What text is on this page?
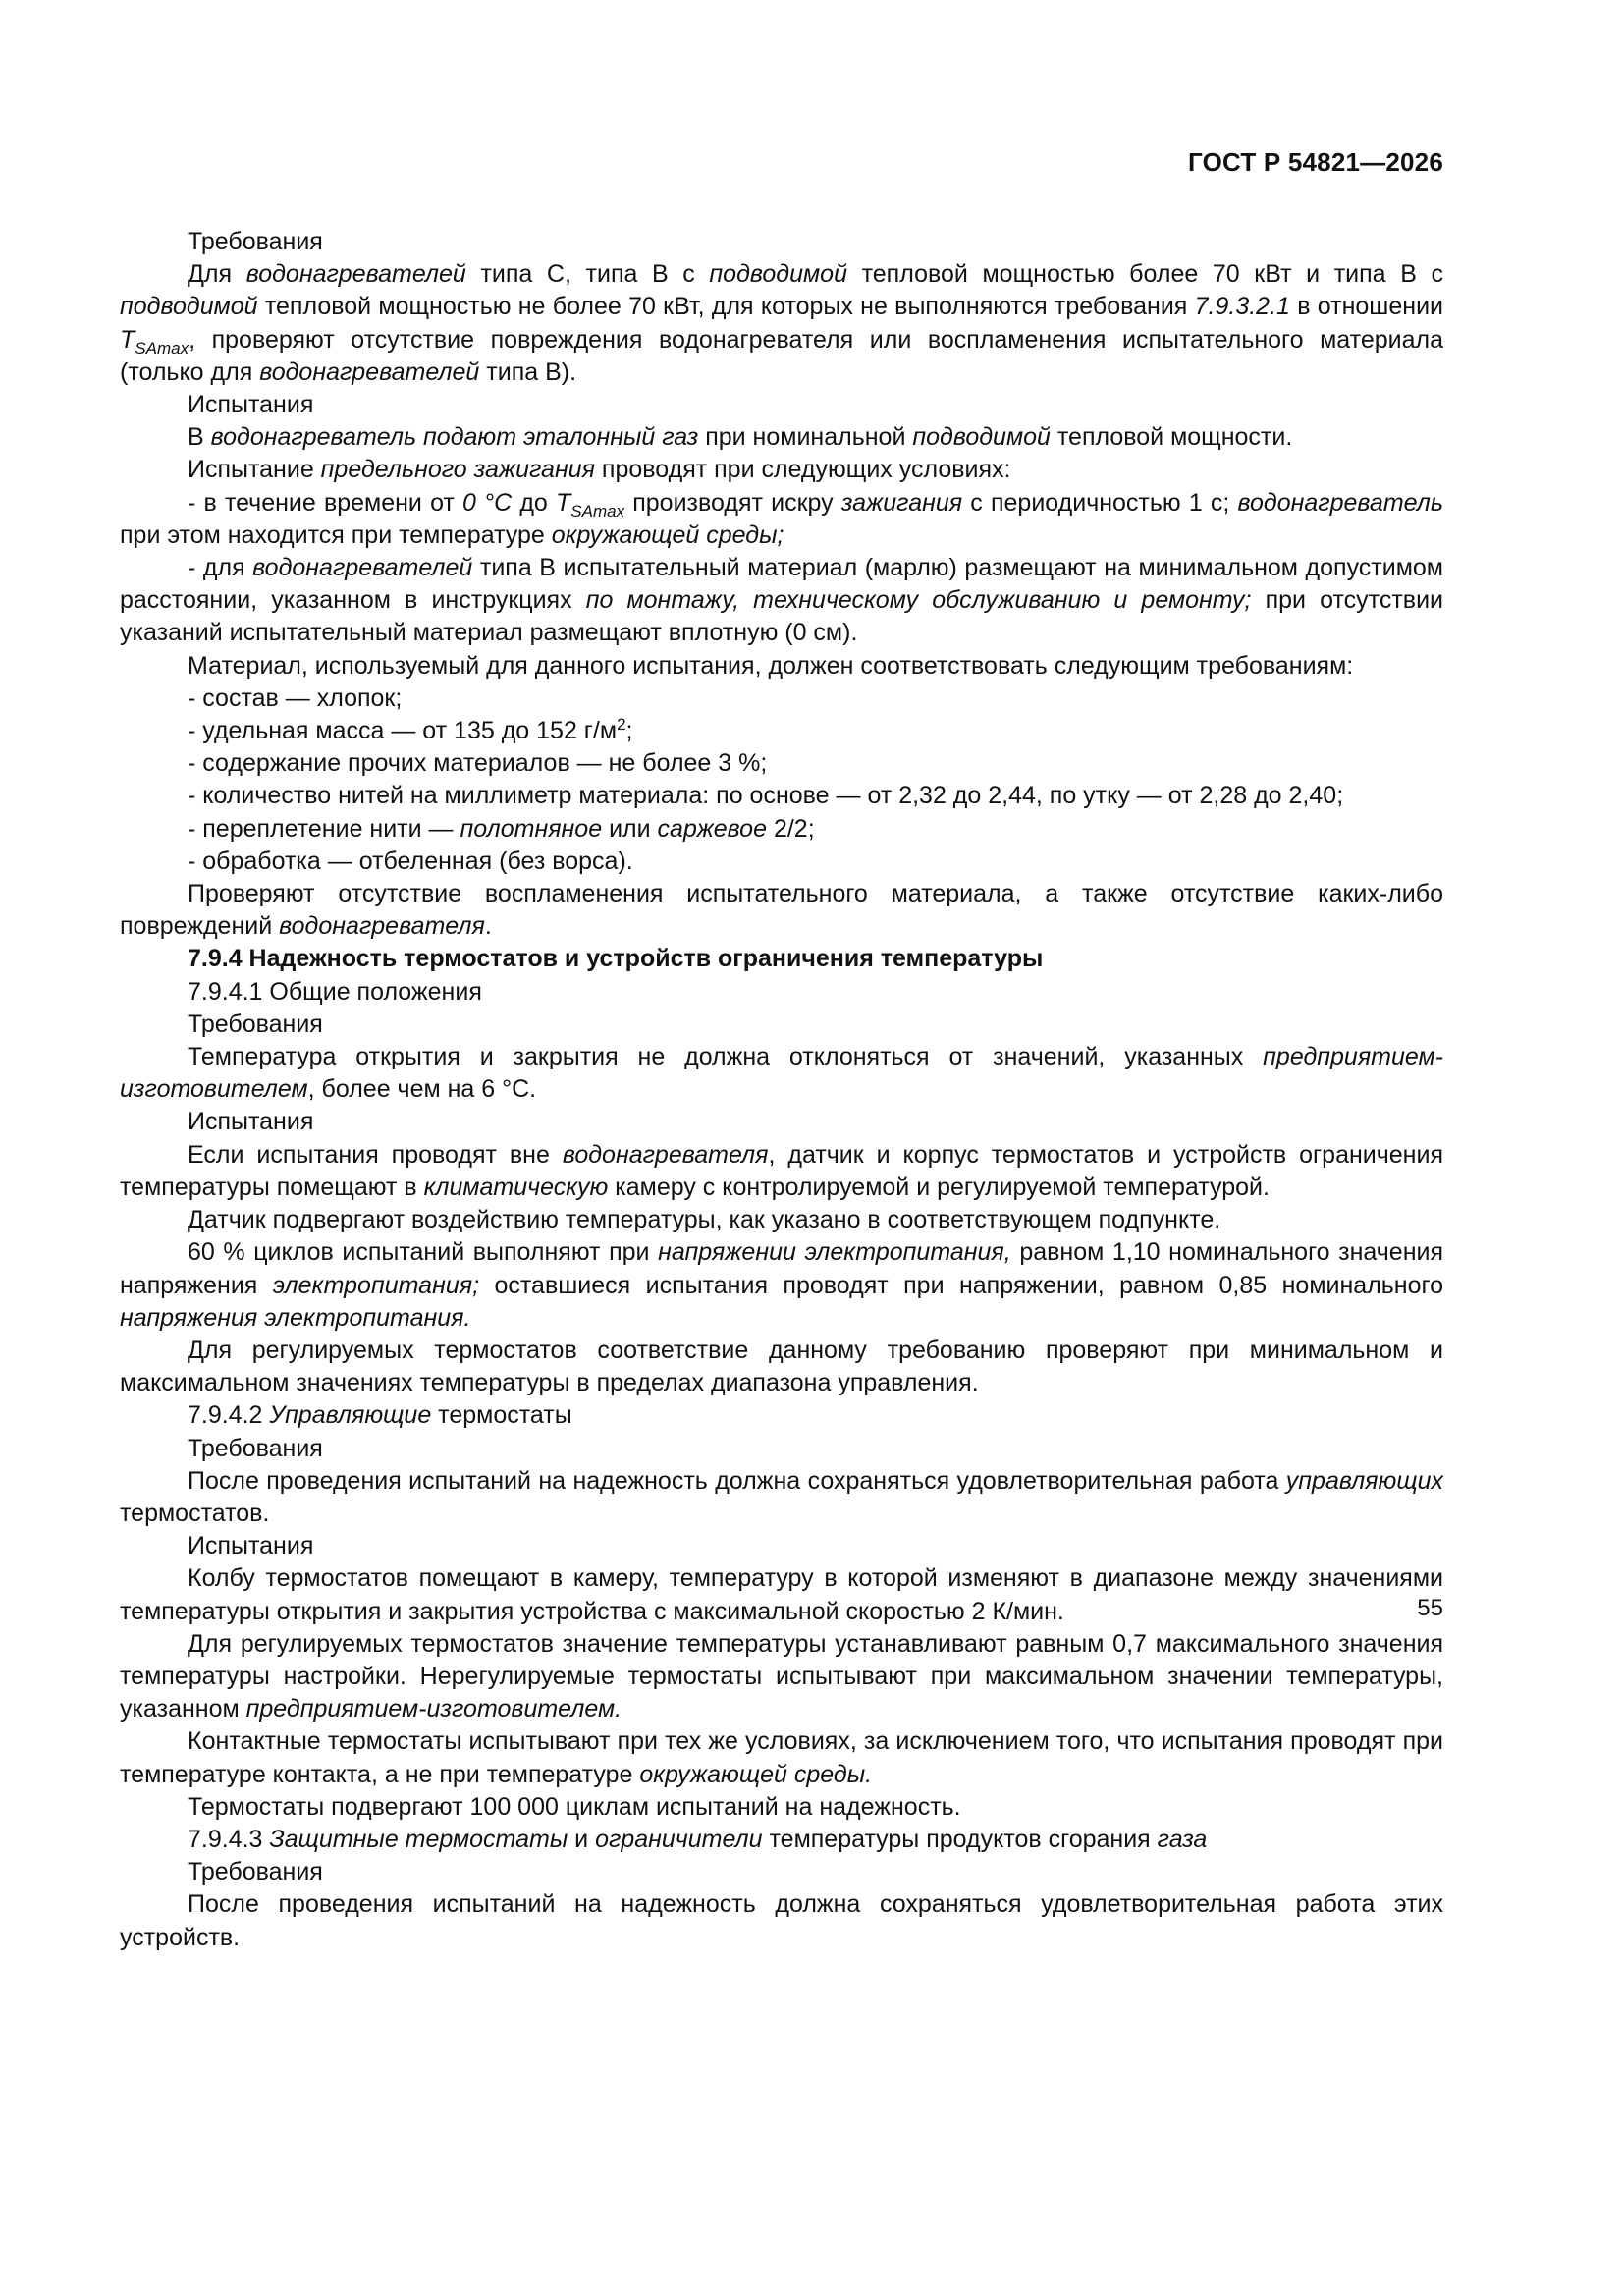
ГОСТ Р 54821—2026
Требования
Для водонагревателей типа С, типа В с подводимой тепловой мощностью более 70 кВт и типа В с подводимой тепловой мощностью не более 70 кВт, для которых не выполняются требования 7.9.3.2.1 в отношении $T_{SAmax}$, проверяют отсутствие повреждения водонагревателя или воспламенения испытательного материала (только для водонагревателей типа В).
Испытания
В водонагреватель подают эталонный газ при номинальной подводимой тепловой мощности.
Испытание предельного зажигания проводят при следующих условиях:
- в течение времени от 0 °С до $T_{SAmax}$ производят искру зажигания с периодичностью 1 с; водонагреватель при этом находится при температуре окружающей среды;
- для водонагревателей типа В испытательный материал (марлю) размещают на минимальном допустимом расстоянии, указанном в инструкциях по монтажу, техническому обслуживанию и ремонту; при отсутствии указаний испытательный материал размещают вплотную (0 см).
Материал, используемый для данного испытания, должен соответствовать следующим требованиям:
- состав — хлопок;
- удельная масса — от 135 до 152 $г/м^2$;
- содержание прочих материалов — не более 3 %;
- количество нитей на миллиметр материала: по основе — от 2,32 до 2,44, по утку — от 2,28 до 2,40;
- переплетение нити — полотняное или саржевое 2/2;
- обработка — отбеленная (без ворса).
Проверяют отсутствие воспламенения испытательного материала, а также отсутствие каких-либо повреждений водонагревателя.
7.9.4 Надежность термостатов и устройств ограничения температуры
7.9.4.1 Общие положения
Требования
Температура открытия и закрытия не должна отклоняться от значений, указанных предприятием-изготовителем, более чем на 6 °С.
Испытания
Если испытания проводят вне водонагревателя, датчик и корпус термостатов и устройств ограничения температуры помещают в климатическую камеру с контролируемой и регулируемой температурой.
Датчик подвергают воздействию температуры, как указано в соответствующем подпункте.
60 % циклов испытаний выполняют при напряжении электропитания, равном 1,10 номинального значения напряжения электропитания; оставшиеся испытания проводят при напряжении, равном 0,85 номинального напряжения электропитания.
Для регулируемых термостатов соответствие данному требованию проверяют при минимальном и максимальном значениях температуры в пределах диапазона управления.
7.9.4.2 Управляющие термостаты
Требования
После проведения испытаний на надежность должна сохраняться удовлетворительная работа управляющих термостатов.
Испытания
Колбу термостатов помещают в камеру, температуру в которой изменяют в диапазоне между значениями температуры открытия и закрытия устройства с максимальной скоростью 2 К/мин.
Для регулируемых термостатов значение температуры устанавливают равным 0,7 максимального значения температуры настройки. Нерегулируемые термостаты испытывают при максимальном значении температуры, указанном предприятием-изготовителем.
Контактные термостаты испытывают при тех же условиях, за исключением того, что испытания проводят при температуре контакта, а не при температуре окружающей среды.
Термостаты подвергают 100 000 циклам испытаний на надежность.
7.9.4.3 Защитные термостаты и ограничители температуры продуктов сгорания газа
Требования
После проведения испытаний на надежность должна сохраняться удовлетворительная работа этих устройств.
55
